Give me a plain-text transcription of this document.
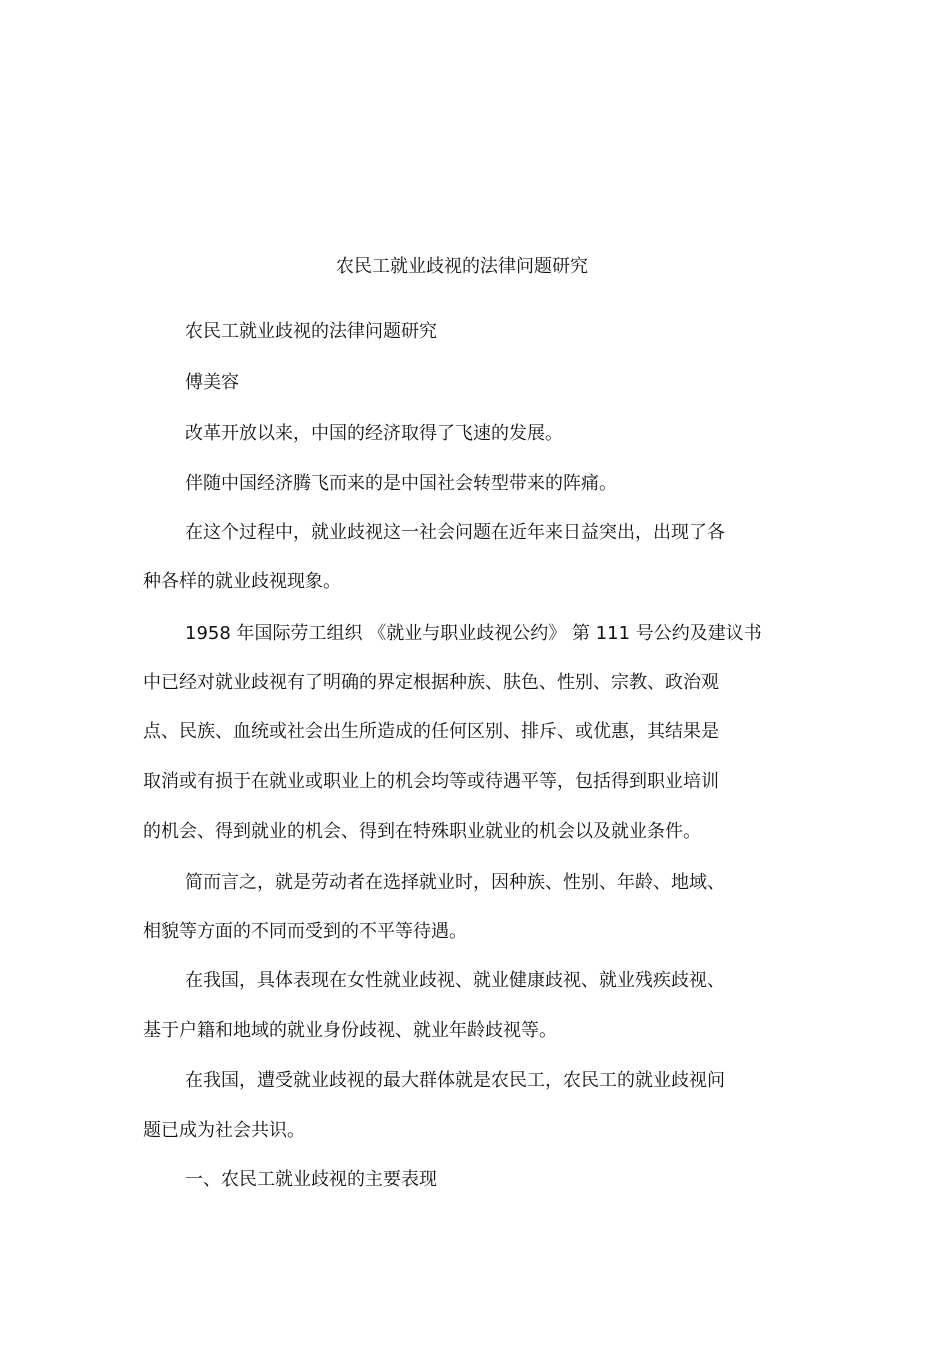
农民工就业歧视的法律问题研究
农民工就业歧视的法律问题研究
傅美容
改革开放以来，中国的经济取得了飞速的发展。
伴随中国经济腾飞而来的是中国社会转型带来的阵痛。
在这个过程中，就业歧视这一社会问题在近年来日益突出，出现了各
种各样的就业歧视现象。
1958 年国际劳工组织 《就业与职业歧视公约》 第 111 号公约及建议书
中已经对就业歧视有了明确的界定根据种族、肤色、性别、宗教、政治观
点、民族、血统或社会出生所造成的任何区别、排斥、或优惠，其结果是
取消或有损于在就业或职业上的机会均等或待遇平等，包括得到职业培训
的机会、得到就业的机会、得到在特殊职业就业的机会以及就业条件。
简而言之，就是劳动者在选择就业时，因种族、性别、年龄、地域、
相貌等方面的不同而受到的不平等待遇。
在我国，具体表现在女性就业歧视、就业健康歧视、就业残疾歧视、
基于户籍和地域的就业身份歧视、就业年龄歧视等。
在我国，遭受就业歧视的最大群体就是农民工，农民工的就业歧视问
题已成为社会共识。
一、农民工就业歧视的主要表现
